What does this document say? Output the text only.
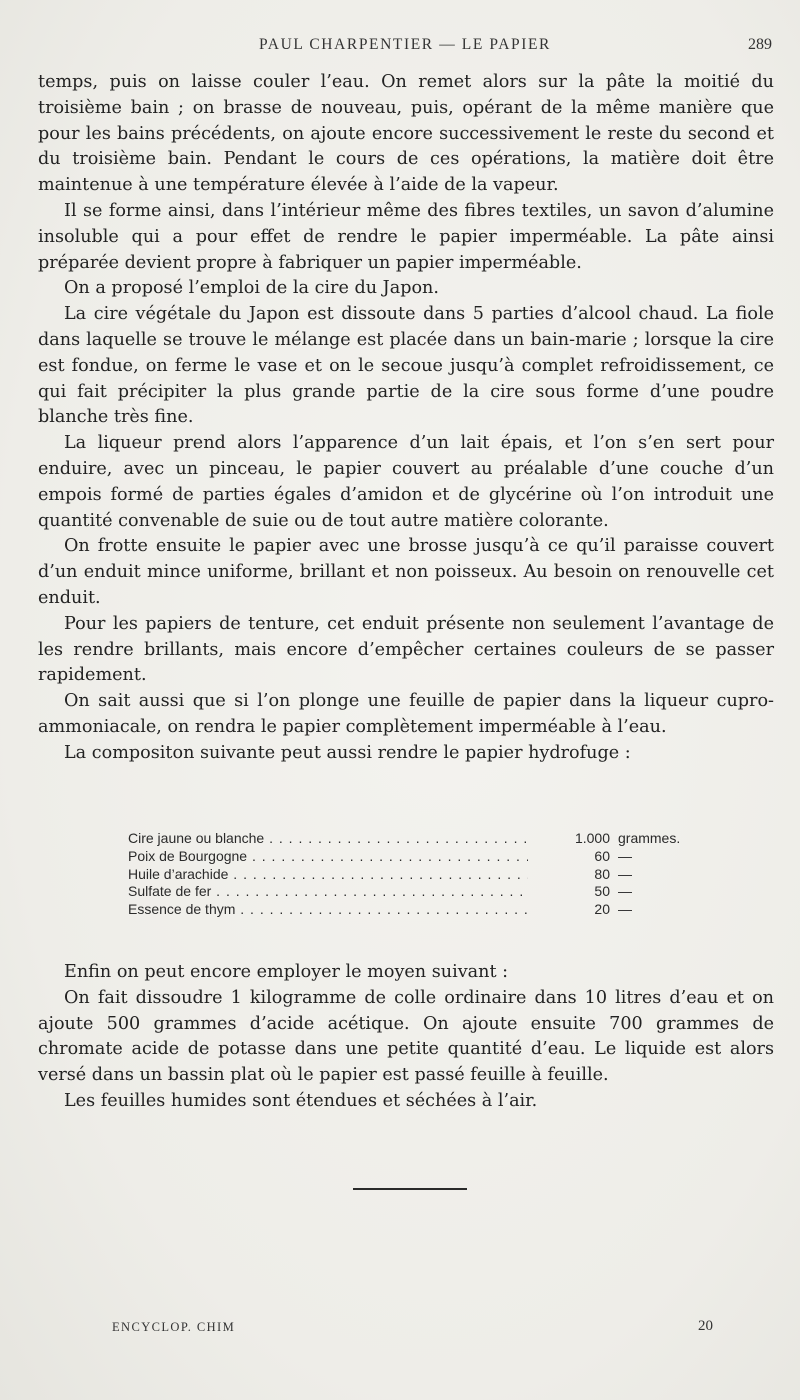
PAUL CHARPENTIER — LE PAPIER	289

temps, puis on laisse couler l’eau. On remet alors sur la pâte la moitié du troisième bain ; on brasse de nouveau, puis, opérant de la même manière que pour les bains précédents, on ajoute encore successivement le reste du second et du troisième bain. Pendant le cours de ces opérations, la matière doit être maintenue à une température élevée à l’aide de la vapeur.

Il se forme ainsi, dans l’intérieur même des fibres textiles, un savon d’alumine insoluble qui a pour effet de rendre le papier imperméable. La pâte ainsi préparée devient propre à fabriquer un papier imperméable.

On a proposé l’emploi de la cire du Japon.

La cire végétale du Japon est dissoute dans 5 parties d’alcool chaud. La fiole dans laquelle se trouve le mélange est placée dans un bain-marie ; lorsque la cire est fondue, on ferme le vase et on le secoue jusqu’à complet refroidissement, ce qui fait précipiter la plus grande partie de la cire sous forme d’une poudre blanche très fine.

La liqueur prend alors l’apparence d’un lait épais, et l’on s’en sert pour enduire, avec un pinceau, le papier couvert au préalable d’une couche d’un empois formé de parties égales d’amidon et de glycérine où l’on introduit une quantité convenable de suie ou de tout autre matière colorante.

On frotte ensuite le papier avec une brosse jusqu’à ce qu’il paraisse couvert d’un enduit mince uniforme, brillant et non poisseux. Au besoin on renouvelle cet enduit.

Pour les papiers de tenture, cet enduit présente non seulement l’avantage de les rendre brillants, mais encore d’empêcher certaines couleurs de se passer rapidement.

On sait aussi que si l’on plonge une feuille de papier dans la liqueur cupro-ammoniacale, on rendra le papier complètement imperméable à l’eau.

La compositon suivante peut aussi rendre le papier hydrofuge :

Cire jaune ou blanche . . .	1.000 grammes.
Poix de Bourgogne . . .	60 —
Huile d’arachide . . .	80 —
Sulfate de fer . . .	50 —
Essence de thym . . .	20 —

Enfin on peut encore employer le moyen suivant :

On fait dissoudre 1 kilogramme de colle ordinaire dans 10 litres d’eau et on ajoute 500 grammes d’acide acétique. On ajoute ensuite 700 grammes de chromate acide de potasse dans une petite quantité d’eau. Le liquide est alors versé dans un bassin plat où le papier est passé feuille à feuille.

Les feuilles humides sont étendues et séchées à l’air.

ENCYCLOP. CHIM	20
